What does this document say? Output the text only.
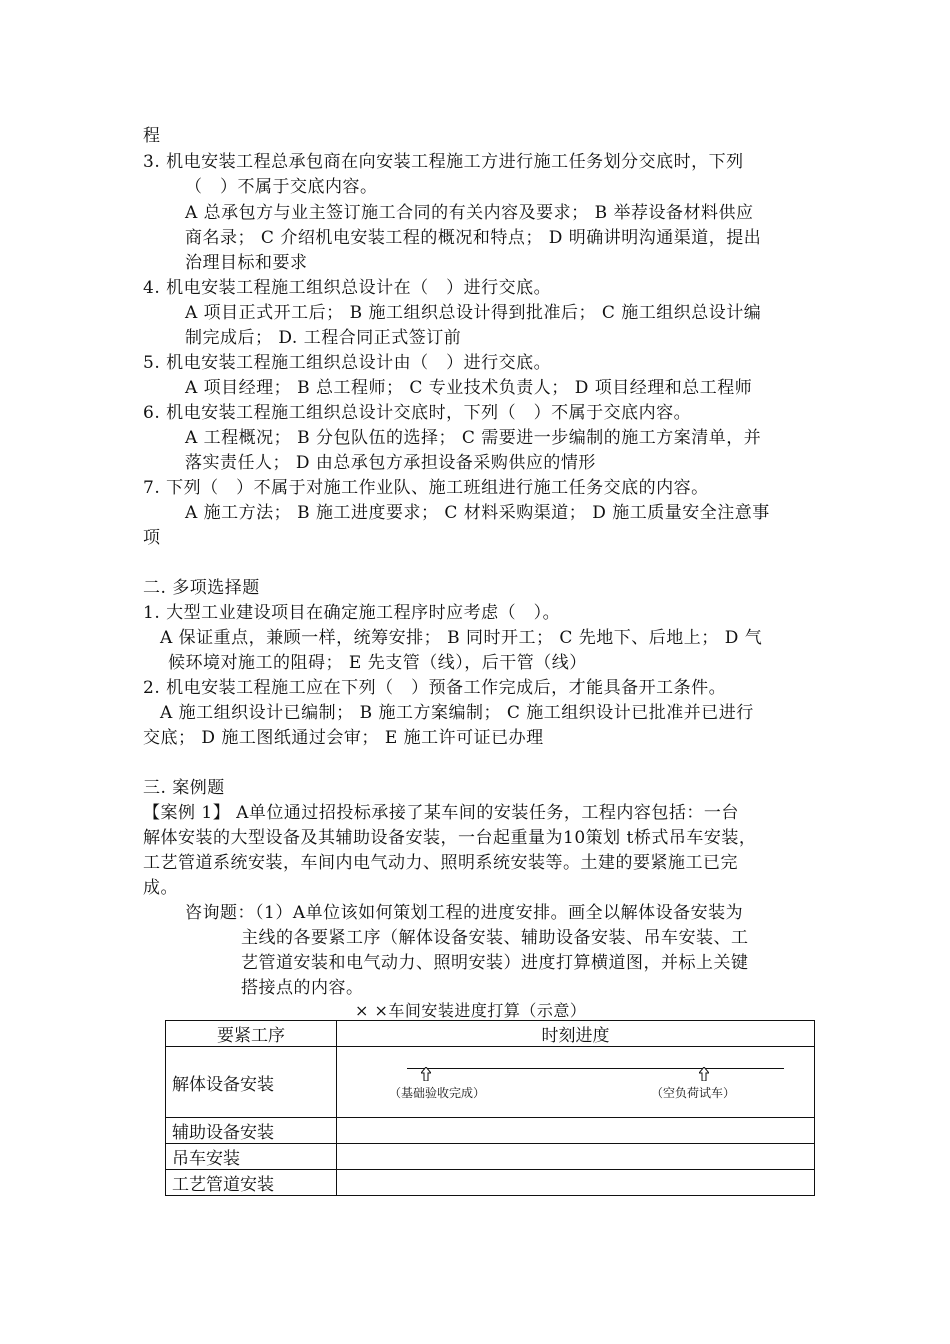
程
3. 机电安装工程总承包商在向安装工程施工方进行施工任务划分交底时，下列
（　）不属于交底内容。
A 总承包方与业主签订施工合同的有关内容及要求； B 举荐设备材料供应
商名录； C 介绍机电安装工程的概况和特点； D 明确讲明沟通渠道，提出
治理目标和要求
4. 机电安装工程施工组织总设计在（　）进行交底。
A 项目正式开工后； B 施工组织总设计得到批准后； C 施工组织总设计编
制完成后； D. 工程合同正式签订前
5. 机电安装工程施工组织总设计由（　）进行交底。
A 项目经理； B 总工程师； C 专业技术负责人； D 项目经理和总工程师
6. 机电安装工程施工组织总设计交底时，下列（　）不属于交底内容。
A 工程概况； B 分包队伍的选择； C 需要进一步编制的施工方案清单，并
落实责任人； D 由总承包方承担设备采购供应的情形
7. 下列（　）不属于对施工作业队、施工班组进行施工任务交底的内容。
A 施工方法； B 施工进度要求； C 材料采购渠道； D 施工质量安全注意事
项
二. 多项选择题
1. 大型工业建设项目在确定施工程序时应考虑（　）。
A 保证重点，兼顾一样，统筹安排； B 同时开工； C 先地下、后地上； D 气
候环境对施工的阻碍； E 先支管（线），后干管（线）
2. 机电安装工程施工应在下列（　）预备工作完成后，才能具备开工条件。
A 施工组织设计已编制； B 施工方案编制； C 施工组织设计已批准并已进行
交底； D 施工图纸通过会审； E 施工许可证已办理
三. 案例题
【案例 1】 A单位通过招投标承接了某车间的安装任务，工程内容包括：一台
解体安装的大型设备及其辅助设备安装，一台起重量为10策划 t桥式吊车安装，
工艺管道系统安装，车间内电气动力、照明系统安装等。土建的要紧施工已完
成。
咨询题：（1）A单位该如何策划工程的进度安排。画全以解体设备安装为
主线的各要紧工序（解体设备安装、辅助设备安装、吊车安装、工
艺管道安装和电气动力、照明安装）进度打算横道图，并标上关键
搭接点的内容。
× ×车间安装进度打算（示意）
要紧工序	时刻进度
解体设备安装	（基础验收完成） （空负荷试车）

辅助设备安装	
吊车安装	
工艺管道安装	
